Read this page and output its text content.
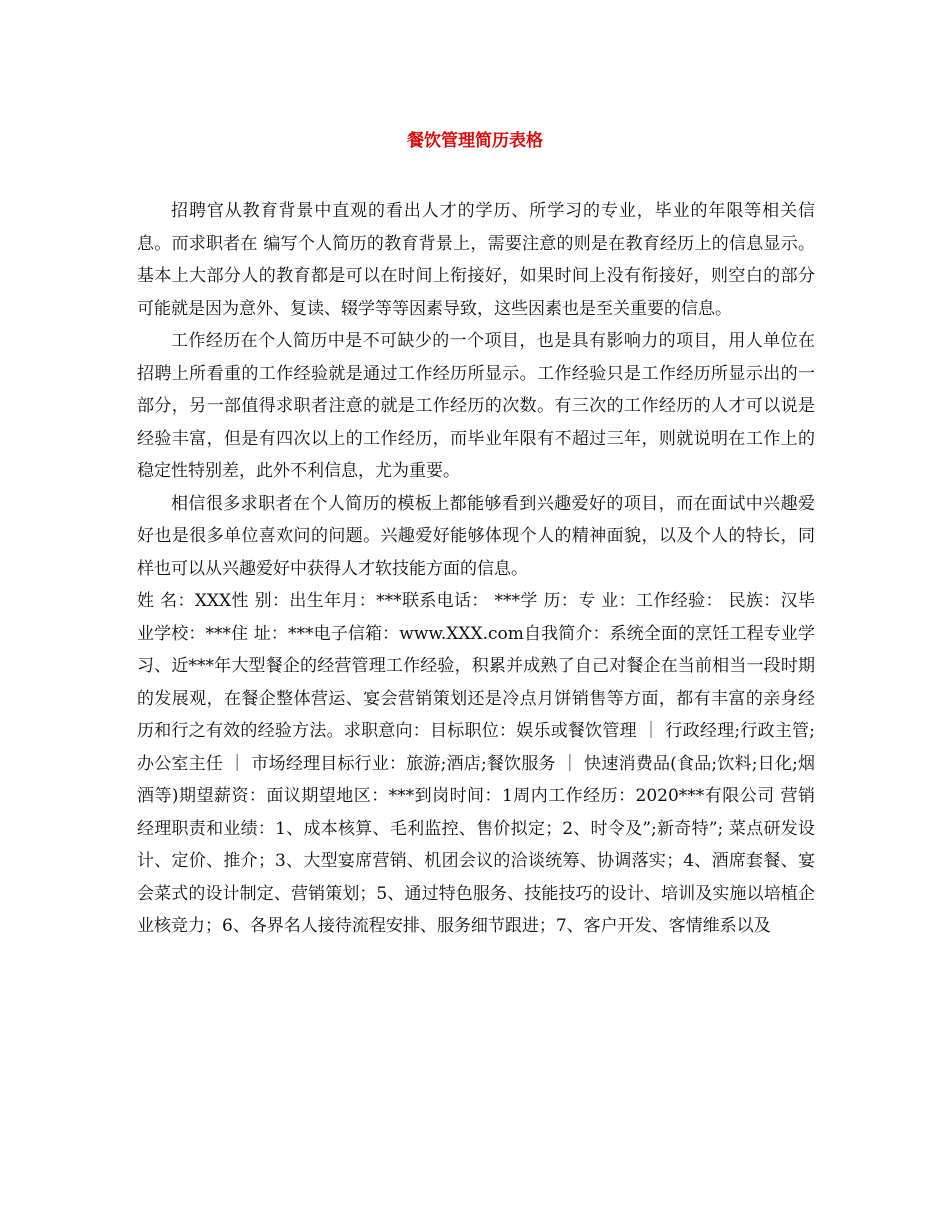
餐饮管理简历表格

招聘官从教育背景中直观的看出人才的学历、所学习的专业，毕业的年限等相关信息。而求职者在 编写个人简历的教育背景上，需要注意的则是在教育经历上的信息显示。基本上大部分人的教育都是可以在时间上衔接好，如果时间上没有衔接好，则空白的部分可能就是因为意外、复读、辍学等等因素导致，这些因素也是至关重要的信息。

工作经历在个人简历中是不可缺少的一个项目，也是具有影响力的项目，用人单位在招聘上所看重的工作经验就是通过工作经历所显示。工作经验只是工作经历所显示出的一部分，另一部值得求职者注意的就是工作经历的次数。有三次的工作经历的人才可以说是经验丰富，但是有四次以上的工作经历，而毕业年限有不超过三年，则就说明在工作上的稳定性特别差，此外不利信息，尤为重要。

相信很多求职者在个人简历的模板上都能够看到兴趣爱好的项目，而在面试中兴趣爱好也是很多单位喜欢问的问题。兴趣爱好能够体现个人的精神面貌，以及个人的特长，同样也可以从兴趣爱好中获得人才软技能方面的信息。

姓 名：XXX性 别：出生年月：***联系电话： ***学 历：专 业：工作经验： 民族：汉毕业学校：***住 址：***电子信箱：www.XXX.com自我简介：系统全面的烹饪工程专业学习、近***年大型餐企的经营管理工作经验，积累并成熟了自己对餐企在当前相当一段时期的发展观，在餐企整体营运、宴会营销策划还是冷点月饼销售等方面，都有丰富的亲身经历和行之有效的经验方法。求职意向：目标职位：娱乐或餐饮管理 ｜ 行政经理;行政主管;办公室主任 ｜ 市场经理目标行业：旅游;酒店;餐饮服务 ｜ 快速消费品(食品;饮料;日化;烟酒等)期望薪资：面议期望地区：***到岗时间：1周内工作经历：2020***有限公司 营销经理职责和业绩：1、成本核算、毛利监控、售价拟定；2、时令及”;新奇特”; 菜点研发设计、定价、推介；3、大型宴席营销、机团会议的洽谈统筹、协调落实；4、酒席套餐、宴会菜式的设计制定、营销策划；5、通过特色服务、技能技巧的设计、培训及实施以培植企业核竞力；6、各界名人接待流程安排、服务细节跟进；7、客户开发、客情维系以及
